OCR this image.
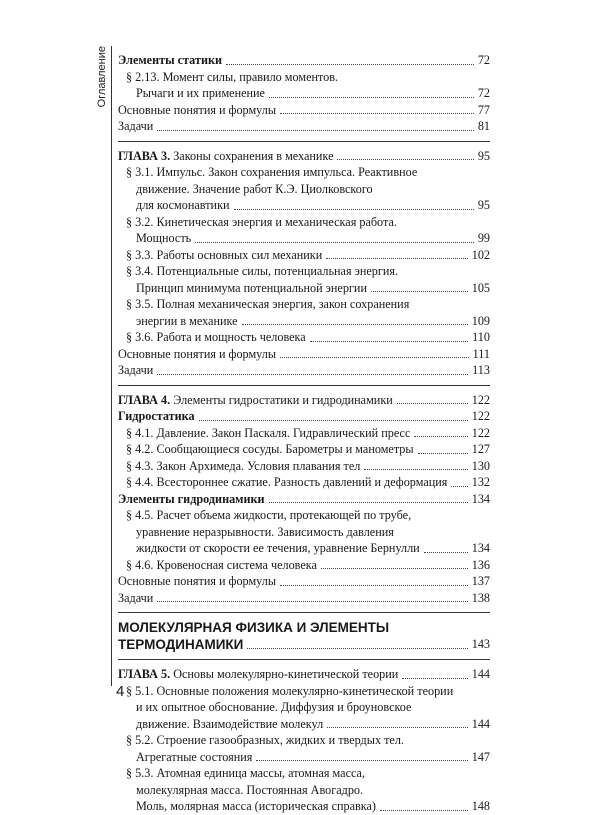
Оглавление Элементы статики	72
§ 2.13. Момент силы, правило моментов.
Рычаги и их применение	72
Основные понятия и формулы	77
Задачи	81
ГЛАВА 3. Законы сохранения в механике	95
§ 3.1. Импульс. Закон сохранения импульса. Реактивное
движение. Значение работ К.Э. Циолковского
для космонавтики	95
§ 3.2. Кинетическая энергия и механическая работа.
Мощность	99
§ 3.3. Работы основных сил механики	102
§ 3.4. Потенциальные силы, потенциальная энергия.
Принцип минимума потенциальной энергии	105
§ 3.5. Полная механическая энергия, закон сохранения
энергии в механике	109
§ 3.6. Работа и мощность человека	110
Основные понятия и формулы	111
Задачи	113
ГЛАВА 4. Элементы гидростатики и гидродинамики	122
Гидростатика	122
§ 4.1. Давление. Закон Паскаля. Гидравлический пресс	122
§ 4.2. Сообщающиеся сосуды. Барометры и манометры	127
§ 4.3. Закон Архимеда. Условия плавания тел	130
§ 4.4. Всестороннее сжатие. Разность давлений и деформация 132
Элементы гидродинамики	134
§ 4.5. Расчет объема жидкости, протекающей по трубе,
уравнение неразрывности. Зависимость давления
жидкости от скорости ее течения, уравнение Бернулли	134
§ 4.6. Кровеносная система человека	136
Основные понятия и формулы	137
Задачи	138
МОЛЕКУЛЯРНАЯ ФИЗИКА И ЭЛЕМЕНТЫ
ТЕРМОДИНАМИКИ	143
ГЛАВА 5. Основы молекулярно-кинетической теории	144
§ 5.1. Основные положения молекулярно-кинетической теории
и их опытное обоснование. Диффузия и броуновское
движение. Взаимодействие молекул	144
§ 5.2. Строение газообразных, жидких и твердых тел.
Агрегатные состояния	147
§ 5.3. Атомная единица массы, атомная масса,
молекулярная масса. Постоянная Авогадро.
Моль, молярная масса (историческая справка)	148
4
